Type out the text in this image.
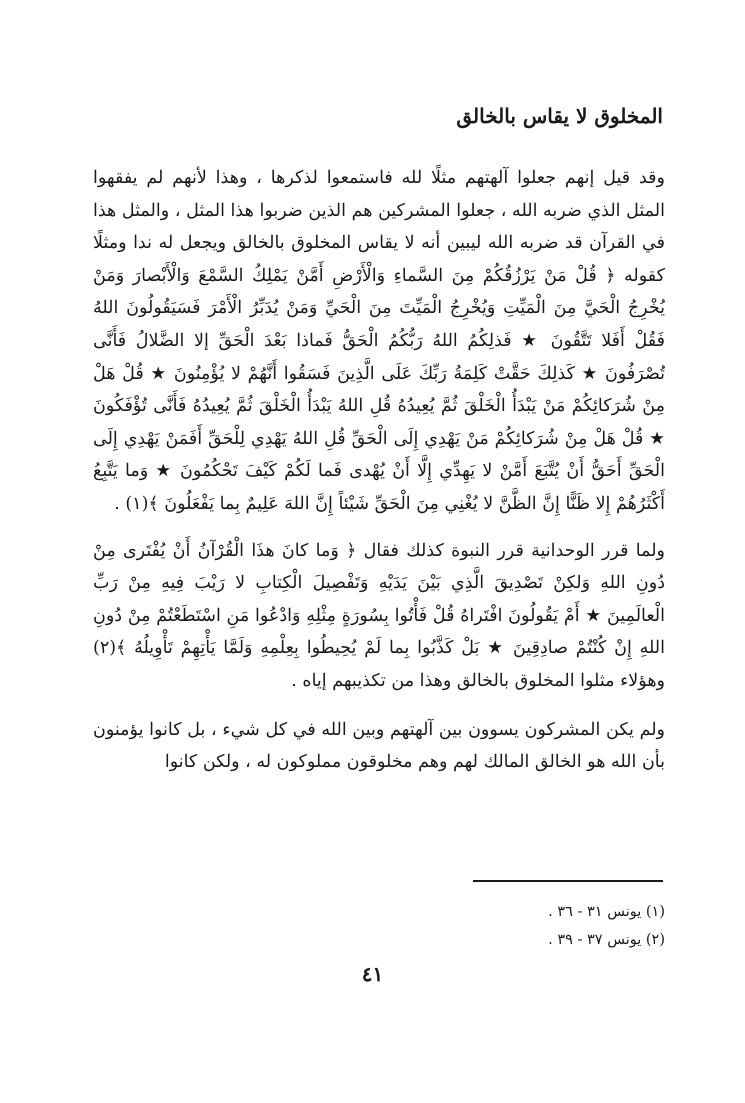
المخلوق لا يقاس بالخالق

وقد قيل إنهم جعلوا آلهتهم مثلًا لله فاستمعوا لذكرها ، وهذا لأنهم لم يفقهوا المثل الذي ضربه الله ، جعلوا المشركين هم الذين ضربوا هذا المثل ، والمثل هذا في القرآن قد ضربه الله ليبين أنه لا يقاس المخلوق بالخالق ويجعل له ندا ومثلًا كقوله ﴿ قُلْ مَنْ يَرْزُقُكُمْ مِنَ السَّماءِ وَالْأَرْضِ أَمَّنْ يَمْلِكُ السَّمْعَ وَالْأَبْصارَ وَمَنْ يُخْرِجُ الْحَيَّ مِنَ الْمَيِّتِ وَيُخْرِجُ الْمَيِّتَ مِنَ الْحَيِّ وَمَنْ يُدَبِّرُ الْأَمْرَ فَسَيَقُولُونَ اللهُ فَقُلْ أَفَلا تَتَّقُونَ ★ فَذلِكُمُ اللهُ رَبُّكُمُ الْحَقُّ فَماذا بَعْدَ الْحَقِّ إلا الضَّلالُ فَأَنَّى تُصْرَفُونَ ★ كَذلِكَ حَقَّتْ كَلِمَةُ رَبِّكَ عَلَى الَّذِينَ فَسَقُوا أَنَّهُمْ لا يُؤْمِنُونَ ★ قُلْ هَلْ مِنْ شُرَكائِكُمْ مَنْ يَبْدَأُ الْخَلْقَ ثُمَّ يُعِيدُهُ قُلِ اللهُ يَبْدَأُ الْخَلْقَ ثُمَّ يُعِيدُهُ فَأَنَّى تُؤْفَكُونَ ★ قُلْ هَلْ مِنْ شُرَكائِكُمْ مَنْ يَهْدِي إِلَى الْحَقِّ قُلِ اللهُ يَهْدِي لِلْحَقِّ أَفَمَنْ يَهْدِي إِلَى الْحَقِّ أَحَقُّ أَنْ يُتَّبَعَ أَمَّنْ لا يَهِدِّي إِلَّا أَنْ يُهْدى فَما لَكُمْ كَيْفَ تَحْكُمُونَ ★ وَما يَتَّبِعُ أَكْثَرُهُمْ إِلا ظَنًّا إِنَّ الظَّنَّ لا يُغْنِي مِنَ الْحَقِّ شَيْئاً إِنَّ اللهَ عَلِيمٌ بِما يَفْعَلُونَ ﴾(١) .

ولما قرر الوحدانية قرر النبوة كذلك فقال ﴿ وَما كانَ هذَا الْقُرْآنُ أَنْ يُفْتَرى مِنْ دُونِ اللهِ وَلكِنْ تَصْدِيقَ الَّذِي بَيْنَ يَدَيْهِ وَتَفْصِيلَ الْكِتابِ لا رَيْبَ فِيهِ مِنْ رَبِّ الْعالَمِينَ ★ أَمْ يَقُولُونَ افْتَراهُ قُلْ فَأْتُوا بِسُورَةٍ مِثْلِهِ وَادْعُوا مَنِ اسْتَطَعْتُمْ مِنْ دُونِ اللهِ إِنْ كُنْتُمْ صادِقِينَ ★ بَلْ كَذَّبُوا بِما لَمْ يُحِيطُوا بِعِلْمِهِ وَلَمَّا يَأْتِهِمْ تَأْوِيلُهُ ﴾(٢) وهؤلاء مثلوا المخلوق بالخالق وهذا من تكذيبهم إياه .

ولم يكن المشركون يسوون بين آلهتهم وبين الله في كل شيء ، بل كانوا يؤمنون بأن الله هو الخالق المالك لهم وهم مخلوقون مملوكون له ، ولكن كانوا

(١) يونس ٣١ - ٣٦ .
(٢) يونس ٣٧ - ٣٩ .
٤١
